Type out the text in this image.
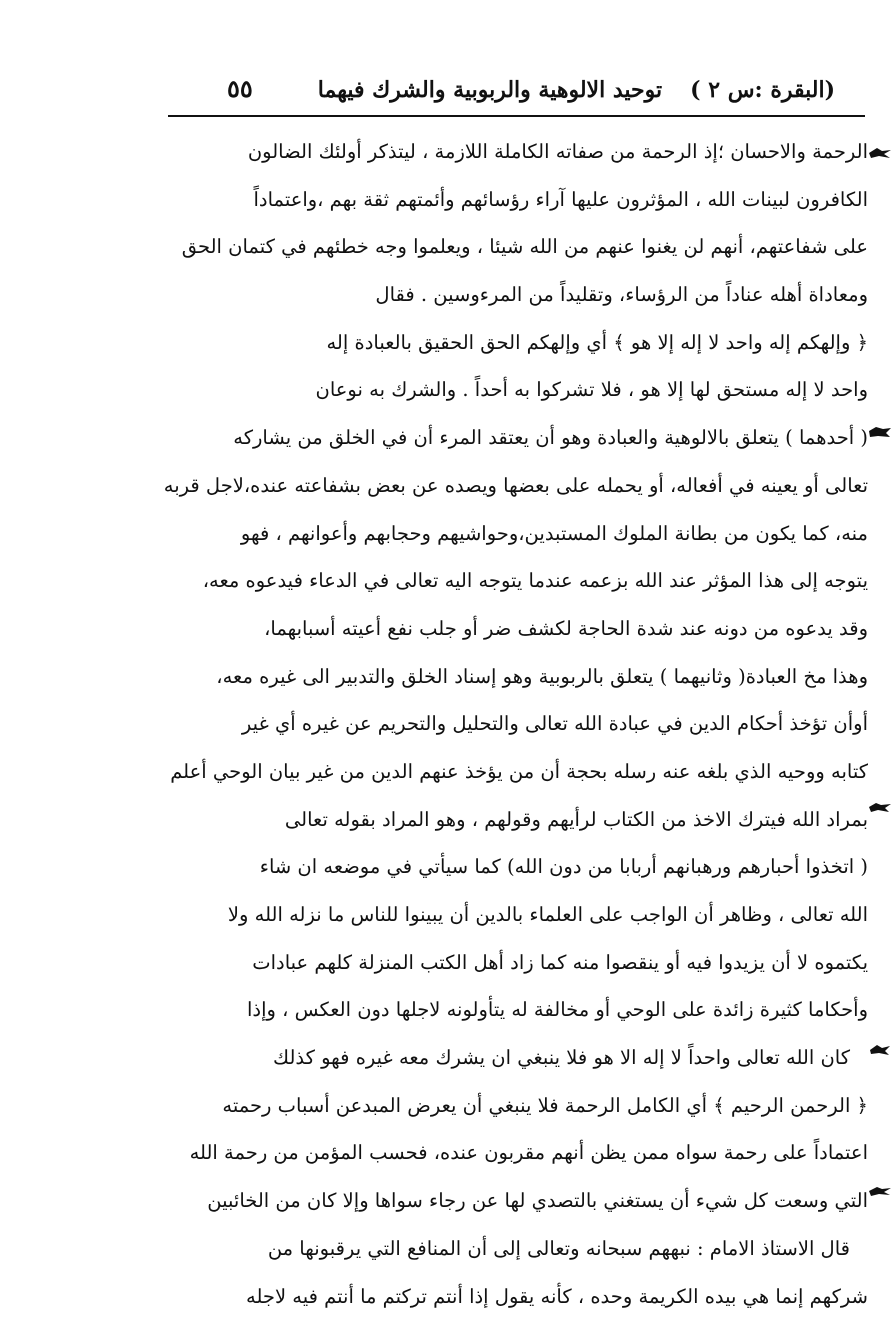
(البقرة :س ٢ )
توحيد الالوهية والربوبية والشرك فيهما
٥٥
الرحمة والاحسان ؛إذ الرحمة من صفاته الكاملة اللازمة ، ليتذكر أولئك الضالون
الكافرون لبينات الله ، المؤثرون عليها آراء رؤسائهم وأئمتهم ثقة بهم ،واعتماداً
على شفاعتهم، أنهم لن يغنوا عنهم من الله شيئا ، ويعلموا وجه خطئهم في كتمان الحق
ومعاداة أهله عناداً من الرؤساء، وتقليداً من المرءوسين . فقال
﴿ وإلهكم إله واحد لا إله إلا هو ﴾ أي وإلهكم الحق الحقيق بالعبادة إله
واحد لا إله مستحق لها إلا هو ، فلا تشركوا به أحداً . والشرك به نوعان
( أحدهما ) يتعلق بالالوهية والعبادة وهو أن يعتقد المرء أن في الخلق من يشاركه
تعالى أو يعينه في أفعاله، أو يحمله على بعضها ويصده عن بعض بشفاعته عنده،لاجل قربه
منه، كما يكون من بطانة الملوك المستبدين،وحواشيهم وحجابهم وأعوانهم ، فهو
يتوجه إلى هذا المؤثر عند الله بزعمه عندما يتوجه اليه تعالى في الدعاء فيدعوه معه،
وقد يدعوه من دونه عند شدة الحاجة لكشف ضر أو جلب نفع أعيته أسبابهما،
وهذا مخ العبادة( وثانيهما ) يتعلق بالربوبية وهو إسناد الخلق والتدبير الى غيره معه،
أوأن تؤخذ أحكام الدين في عبادة الله تعالى والتحليل والتحريم عن غيره أي غير
كتابه ووحيه الذي بلغه عنه رسله بحجة أن من يؤخذ عنهم الدين من غير بيان الوحي أعلم
بمراد الله فيترك الاخذ من الكتاب لرأيهم وقولهم ، وهو المراد بقوله تعالى
( اتخذوا أحبارهم ورهبانهم أربابا من دون الله) كما سيأتي في موضعه ان شاء
الله تعالى ، وظاهر أن الواجب على العلماء بالدين أن يبينوا للناس ما نزله الله ولا
يكتموه لا أن يزيدوا فيه أو ينقصوا منه كما زاد أهل الكتب المنزلة كلهم عبادات
وأحكاما كثيرة زائدة على الوحي أو مخالفة له يتأولونه لاجلها دون العكس ، وإذا
كان الله تعالى واحداً لا إله الا هو فلا ينبغي ان يشرك معه غيره فهو كذلك
﴿ الرحمن الرحيم ﴾ أي الكامل الرحمة فلا ينبغي أن يعرض المبدعن أسباب رحمته
اعتماداً على رحمة سواه ممن يظن أنهم مقربون عنده، فحسب المؤمن من رحمة الله
التي وسعت كل شيء أن يستغني بالتصدي لها عن رجاء سواها وإلا كان من الخائبين
قال الاستاذ الامام : نبههم سبحانه وتعالى إلى أن المنافع التي يرقبونها من
شركهم إنما هي بيده الكريمة وحده ، كأنه يقول إذا أنتم تركتم ما أنتم فيه لاجله
